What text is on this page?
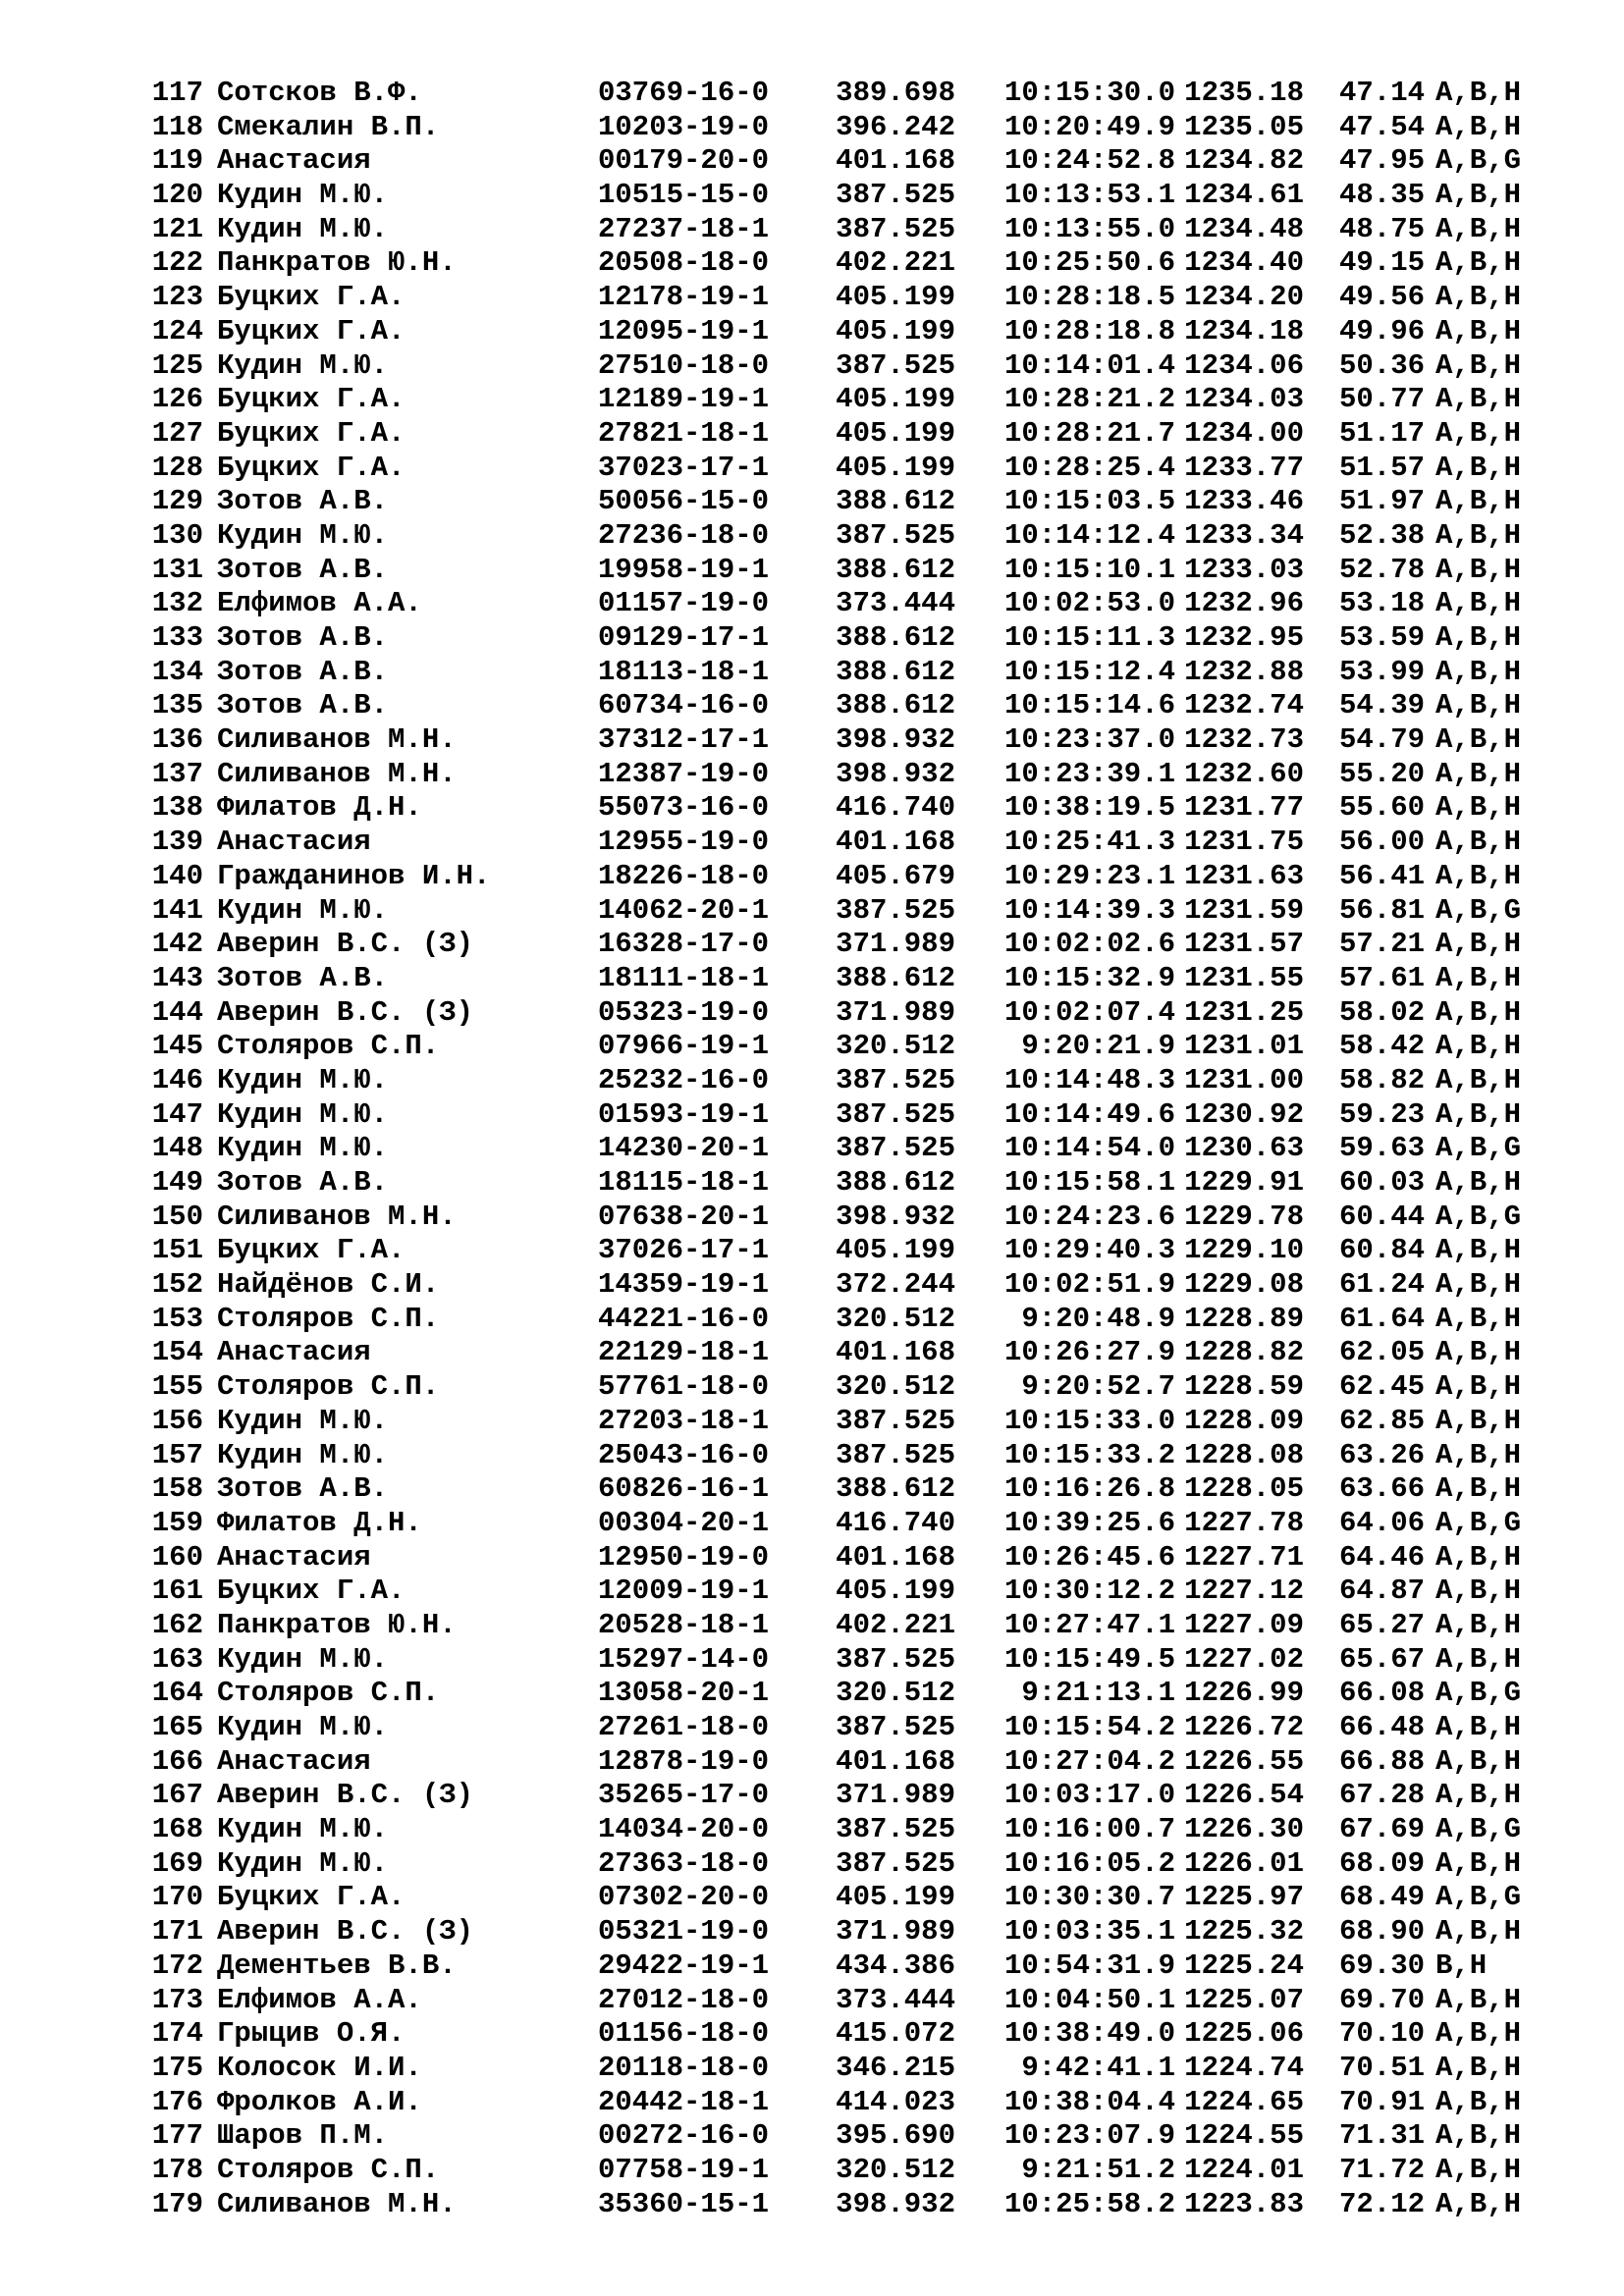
117 Сотсков В.Ф.	03769-16-0 389.698	10:15:30.0 1235.18 47.14 A,B,H
118 Смекалин В.П.	10203-19-0 396.242	10:20:49.9 1235.05 47.54 A,B,H
119 Анастасия	00179-20-0 401.168	10:24:52.8 1234.82 47.95 A,B,G
120 Кудин М.Ю.	10515-15-0 387.525	10:13:53.1 1234.61 48.35 A,B,H
121 Кудин М.Ю.	27237-18-1 387.525	10:13:55.0 1234.48 48.75 A,B,H
122 Панкратов Ю.Н.	20508-18-0 402.221	10:25:50.6 1234.40 49.15 A,B,H
123 Буцких Г.А.	12178-19-1 405.199	10:28:18.5 1234.20 49.56 A,B,H
124 Буцких Г.А.	12095-19-1 405.199	10:28:18.8 1234.18 49.96 A,B,H
125 Кудин М.Ю.	27510-18-0 387.525	10:14:01.4 1234.06 50.36 A,B,H
126 Буцких Г.А.	12189-19-1 405.199	10:28:21.2 1234.03 50.77 A,B,H
127 Буцких Г.А.	27821-18-1 405.199	10:28:21.7 1234.00 51.17 A,B,H
128 Буцких Г.А.	37023-17-1 405.199	10:28:25.4 1233.77 51.57 A,B,H
129 Зотов А.В.	50056-15-0 388.612	10:15:03.5 1233.46 51.97 A,B,H
130 Кудин М.Ю.	27236-18-0 387.525	10:14:12.4 1233.34 52.38 A,B,H
131 Зотов А.В.	19958-19-1 388.612	10:15:10.1 1233.03 52.78 A,B,H
132 Елфимов А.А.	01157-19-0 373.444	10:02:53.0 1232.96 53.18 A,B,H
133 Зотов А.В.	09129-17-1 388.612	10:15:11.3 1232.95 53.59 A,B,H
134 Зотов А.В.	18113-18-1 388.612	10:15:12.4 1232.88 53.99 A,B,H
135 Зотов А.В.	60734-16-0 388.612	10:15:14.6 1232.74 54.39 A,B,H
136 Силиванов М.Н.	37312-17-1 398.932	10:23:37.0 1232.73 54.79 A,B,H
137 Силиванов М.Н.	12387-19-0 398.932	10:23:39.1 1232.60 55.20 A,B,H
138 Филатов Д.Н.	55073-16-0 416.740	10:38:19.5 1231.77 55.60 A,B,H
139 Анастасия	12955-19-0 401.168	10:25:41.3 1231.75 56.00 A,B,H
140 Гражданинов И.Н.	18226-18-0 405.679	10:29:23.1 1231.63 56.41 A,B,H
141 Кудин М.Ю.	14062-20-1 387.525	10:14:39.3 1231.59 56.81 A,B,G
142 Аверин В.С. (З)	16328-17-0 371.989	10:02:02.6 1231.57 57.21 A,B,H
143 Зотов А.В.	18111-18-1 388.612	10:15:32.9 1231.55 57.61 A,B,H
144 Аверин В.С. (З)	05323-19-0 371.989	10:02:07.4 1231.25 58.02 A,B,H
145 Столяров С.П.	07966-19-1 320.512	9:20:21.9 1231.01 58.42 A,B,H
146 Кудин М.Ю.	25232-16-0 387.525	10:14:48.3 1231.00 58.82 A,B,H
147 Кудин М.Ю.	01593-19-1 387.525	10:14:49.6 1230.92 59.23 A,B,H
148 Кудин М.Ю.	14230-20-1 387.525	10:14:54.0 1230.63 59.63 A,B,G
149 Зотов А.В.	18115-18-1 388.612	10:15:58.1 1229.91 60.03 A,B,H
150 Силиванов М.Н.	07638-20-1 398.932	10:24:23.6 1229.78 60.44 A,B,G
151 Буцких Г.А.	37026-17-1 405.199	10:29:40.3 1229.10 60.84 A,B,H
152 Найдёнов С.И.	14359-19-1 372.244	10:02:51.9 1229.08 61.24 A,B,H
153 Столяров С.П.	44221-16-0 320.512	9:20:48.9 1228.89 61.64 A,B,H
154 Анастасия	22129-18-1 401.168	10:26:27.9 1228.82 62.05 A,B,H
155 Столяров С.П.	57761-18-0 320.512	9:20:52.7 1228.59 62.45 A,B,H
156 Кудин М.Ю.	27203-18-1 387.525	10:15:33.0 1228.09 62.85 A,B,H
157 Кудин М.Ю.	25043-16-0 387.525	10:15:33.2 1228.08 63.26 A,B,H
158 Зотов А.В.	60826-16-1 388.612	10:16:26.8 1228.05 63.66 A,B,H
159 Филатов Д.Н.	00304-20-1 416.740	10:39:25.6 1227.78 64.06 A,B,G
160 Анастасия	12950-19-0 401.168	10:26:45.6 1227.71 64.46 A,B,H
161 Буцких Г.А.	12009-19-1 405.199	10:30:12.2 1227.12 64.87 A,B,H
162 Панкратов Ю.Н.	20528-18-1 402.221	10:27:47.1 1227.09 65.27 A,B,H
163 Кудин М.Ю.	15297-14-0 387.525	10:15:49.5 1227.02 65.67 A,B,H
164 Столяров С.П.	13058-20-1 320.512	9:21:13.1 1226.99 66.08 A,B,G
165 Кудин М.Ю.	27261-18-0 387.525	10:15:54.2 1226.72 66.48 A,B,H
166 Анастасия	12878-19-0 401.168	10:27:04.2 1226.55 66.88 A,B,H
167 Аверин В.С. (З)	35265-17-0 371.989	10:03:17.0 1226.54 67.28 A,B,H
168 Кудин М.Ю.	14034-20-0 387.525	10:16:00.7 1226.30 67.69 A,B,G
169 Кудин М.Ю.	27363-18-0 387.525	10:16:05.2 1226.01 68.09 A,B,H
170 Буцких Г.А.	07302-20-0 405.199	10:30:30.7 1225.97 68.49 A,B,G
171 Аверин В.С. (З)	05321-19-0 371.989	10:03:35.1 1225.32 68.90 A,B,H
172 Дементьев В.В.	29422-19-1 434.386	10:54:31.9 1225.24 69.30 B,H
173 Елфимов А.А.	27012-18-0 373.444	10:04:50.1 1225.07 69.70 A,B,H
174 Грыцив О.Я.	01156-18-0 415.072	10:38:49.0 1225.06 70.10 A,B,H
175 Колосок И.И.	20118-18-0 346.215	9:42:41.1 1224.74 70.51 A,B,H
176 Фролков А.И.	20442-18-1 414.023	10:38:04.4 1224.65 70.91 A,B,H
177 Шаров П.М.	00272-16-0 395.690	10:23:07.9 1224.55 71.31 A,B,H
178 Столяров С.П.	07758-19-1 320.512	9:21:51.2 1224.01 71.72 A,B,H
179 Силиванов М.Н.	35360-15-1 398.932	10:25:58.2 1223.83 72.12 A,B,H
